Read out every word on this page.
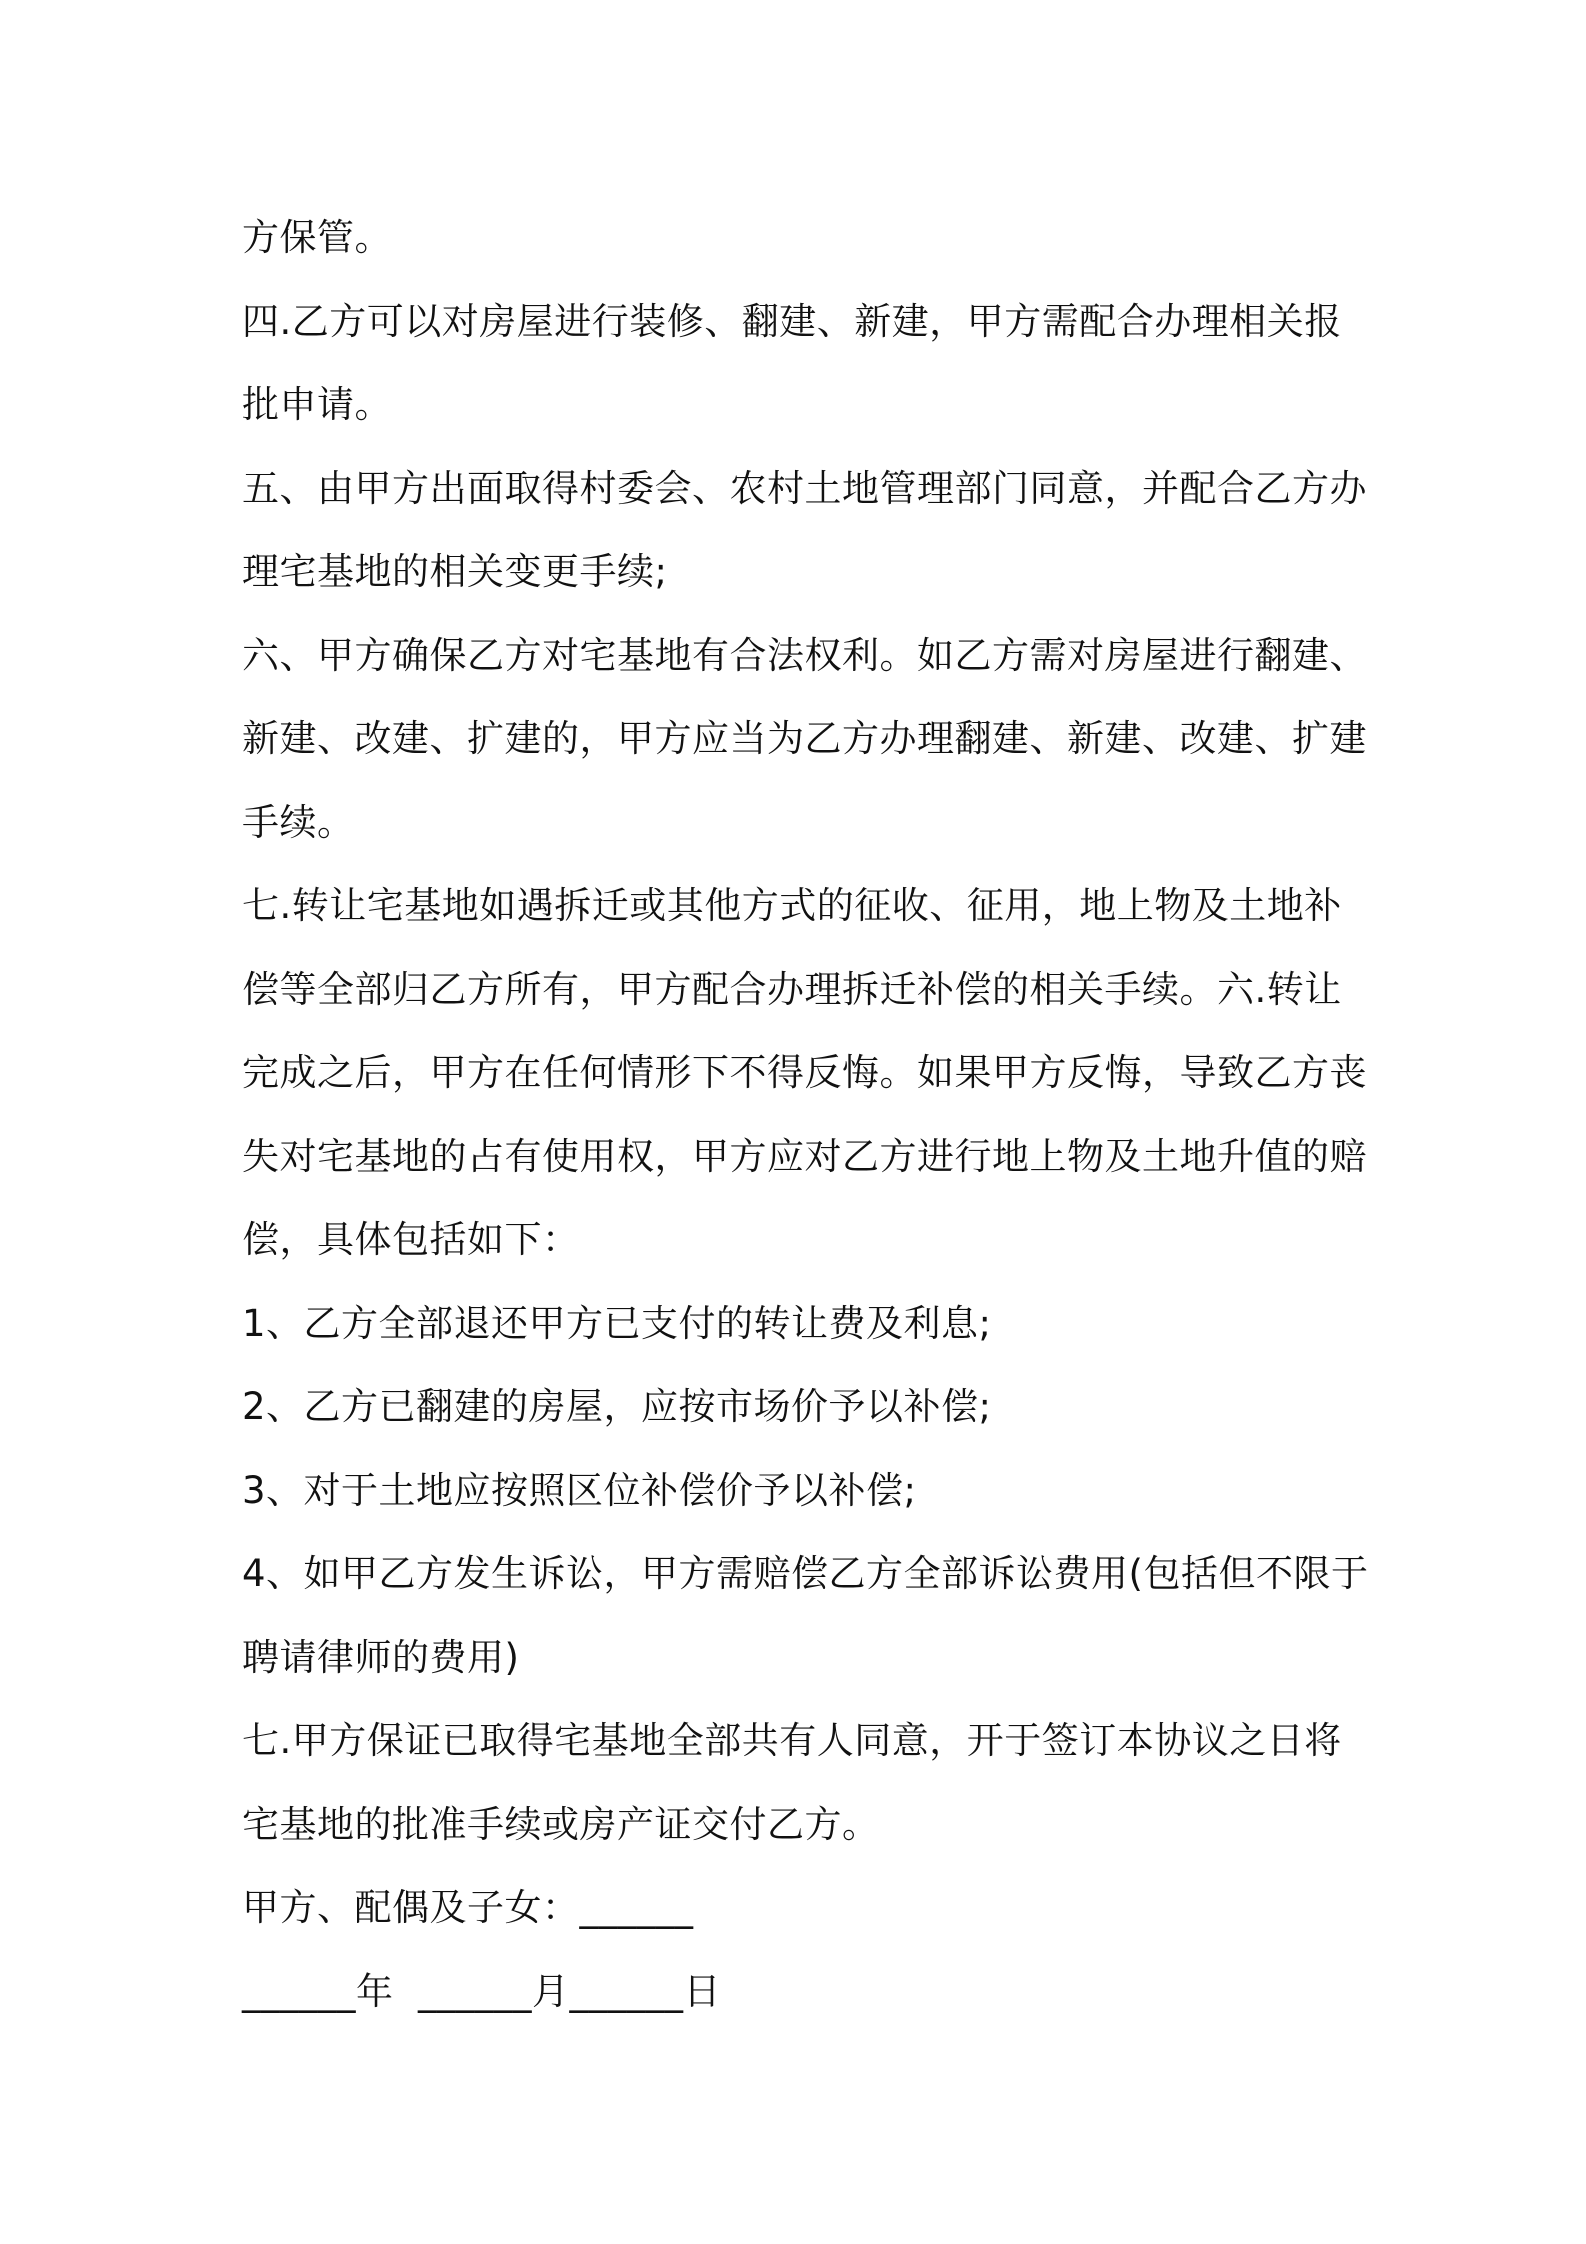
方保管。
四.乙方可以对房屋进行装修、翻建、新建，甲方需配合办理相关报
批申请。
五、由甲方出面取得村委会、农村土地管理部门同意，并配合乙方办
理宅基地的相关变更手续;
六、甲方确保乙方对宅基地有合法权利。如乙方需对房屋进行翻建、
新建、改建、扩建的，甲方应当为乙方办理翻建、新建、改建、扩建
手续。
七.转让宅基地如遇拆迁或其他方式的征收、征用，地上物及土地补
偿等全部归乙方所有，甲方配合办理拆迁补偿的相关手续。六.转让
完成之后，甲方在任何情形下不得反悔。如果甲方反悔，导致乙方丧
失对宅基地的占有使用权，甲方应对乙方进行地上物及土地升值的赔
偿，具体包括如下：
1、乙方全部退还甲方已支付的转让费及利息;
2、乙方已翻建的房屋，应按市场价予以补偿;
3、对于土地应按照区位补偿价予以补偿;
4、如甲乙方发生诉讼，甲方需赔偿乙方全部诉讼费用(包括但不限于
聘请律师的费用)
七.甲方保证已取得宅基地全部共有人同意，开于签订本协议之日将
宅基地的批准手续或房产证交付乙方。
甲方、配偶及子女：______
______年  ______月______日
